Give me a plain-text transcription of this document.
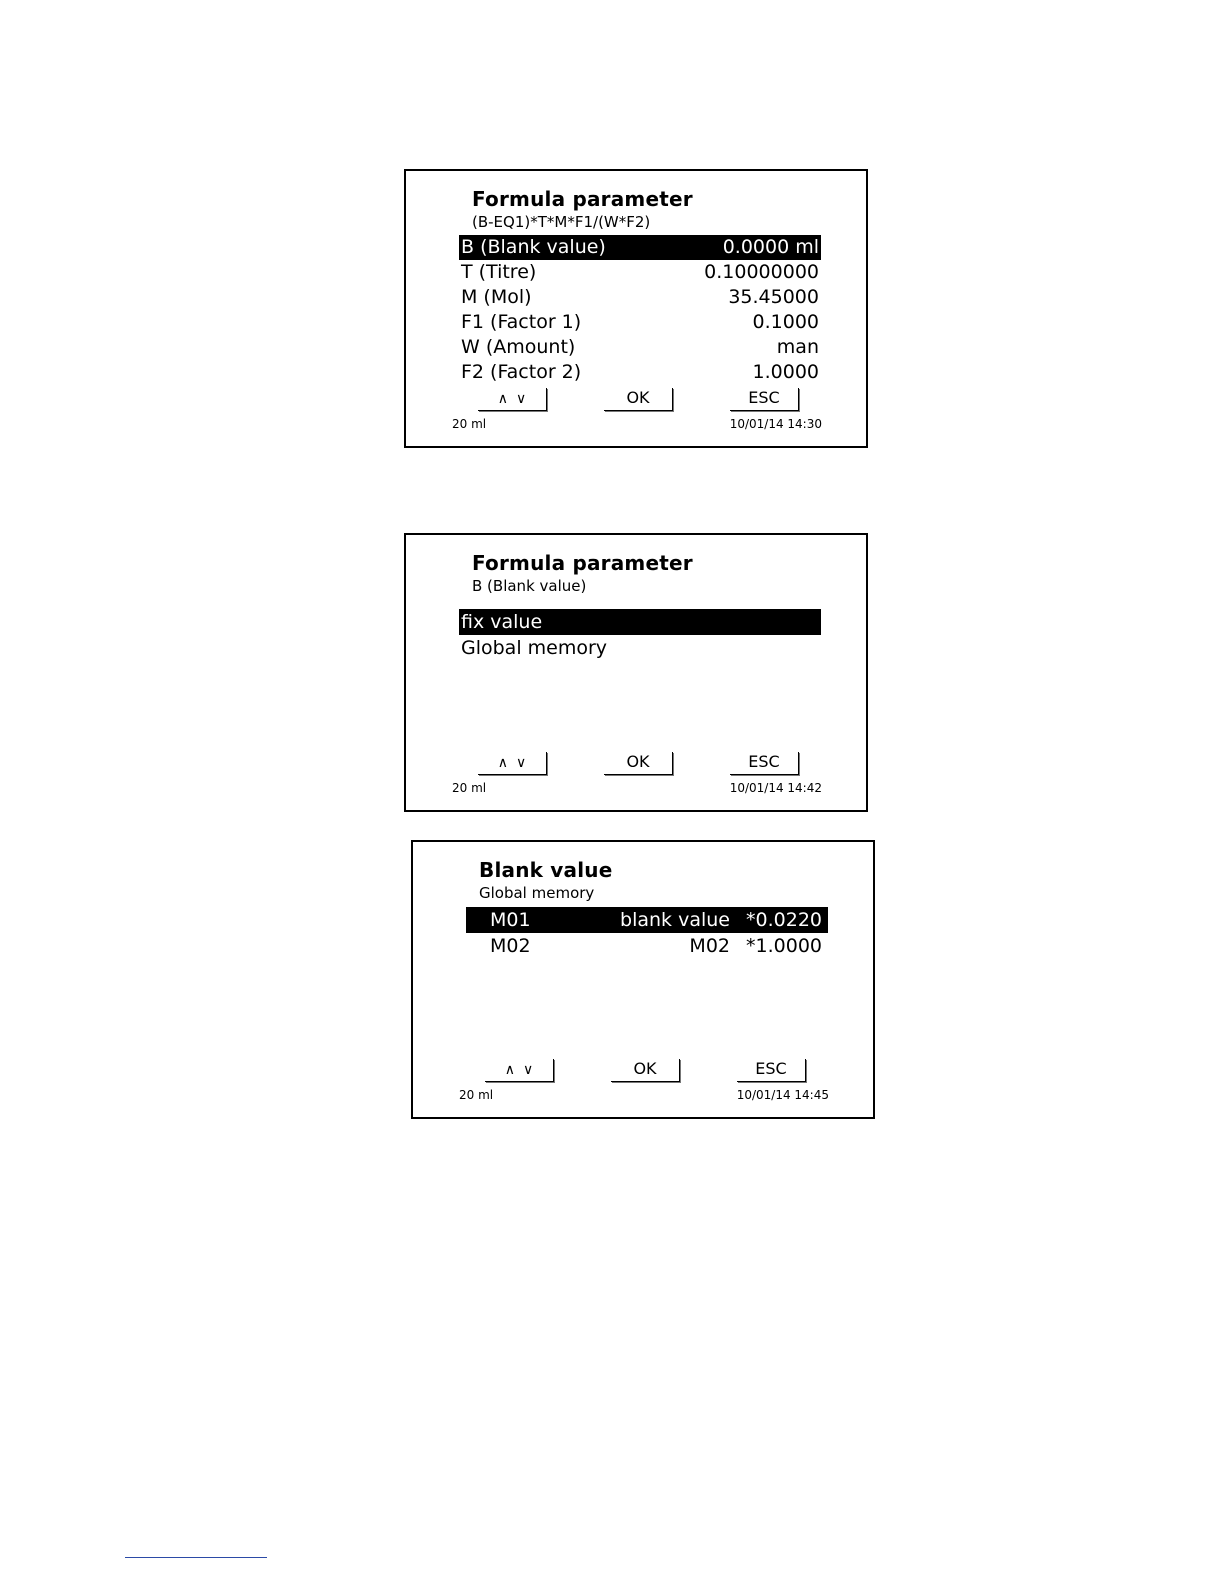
Formula parameter
(B-EQ1)*T*M*F1/(W*F2)
B (Blank value)	0.0000 ml
T (Titre)	0.10000000
M (Mol)	35.45000
F1 (Factor 1)	0.1000
W (Amount)	man
F2 (Factor 2)	1.0000
∧ ∨	OK	ESC
20 ml	10/01/14 14:30
Formula parameter
B (Blank value)
fix value
Global memory
∧ ∨	OK	ESC
20 ml	10/01/14 14:42
Blank value
Global memory
M01	blank value *0.0220
M02	M02 *1.0000
∧ ∨	OK	ESC
20 ml	10/01/14 14:45
